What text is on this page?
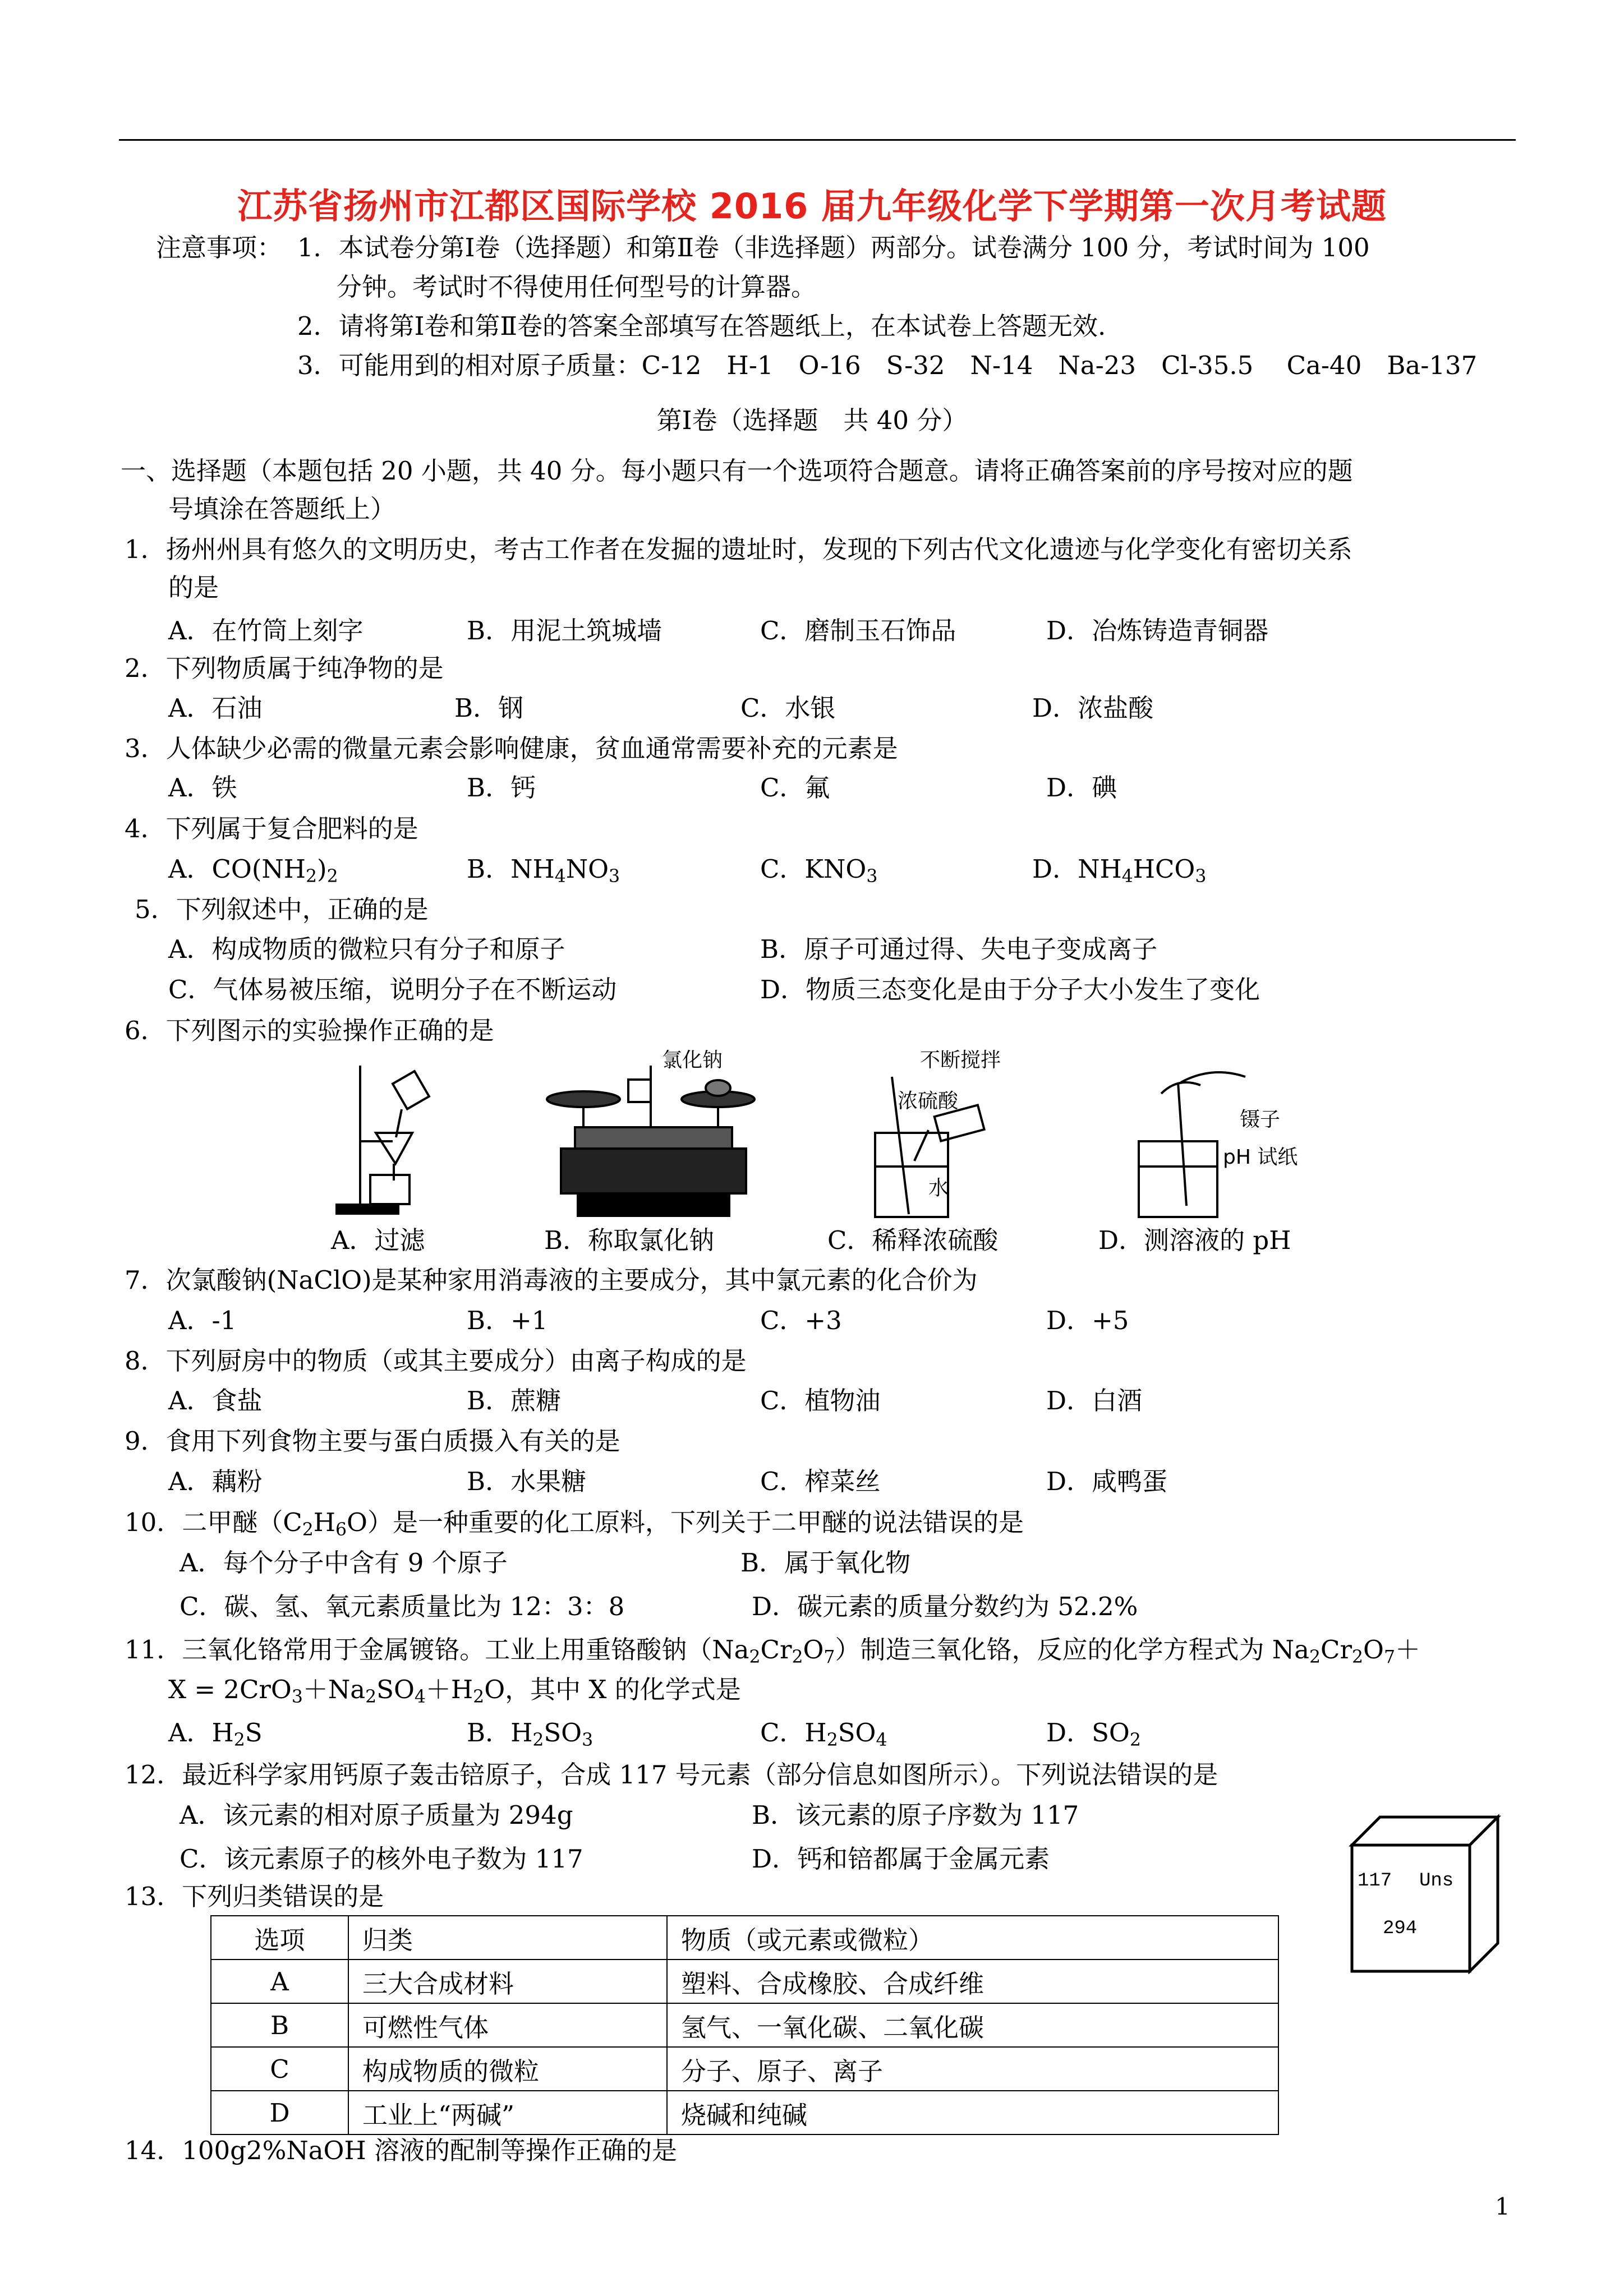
江苏省扬州市江都区国际学校 2016 届九年级化学下学期第一次月考试题
注意事项： 1．本试卷分第Ⅰ卷（选择题）和第Ⅱ卷（非选择题）两部分。试卷满分 100 分，考试时间为 100
分钟。考试时不得使用任何型号的计算器。
2．请将第Ⅰ卷和第Ⅱ卷的答案全部填写在答题纸上，在本试卷上答题无效.
3．可能用到的相对原子质量：C-12　H-1　O-16　S-32　N-14　Na-23　Cl-35.5　 Ca-40　Ba-137
第Ⅰ卷（选择题　共 40 分）
一、选择题（本题包括 20 小题，共 40 分。每小题只有一个选项符合题意。请将正确答案前的序号按对应的题
号填涂在答题纸上）
1．扬州州具有悠久的文明历史，考古工作者在发掘的遗址时，发现的下列古代文化遗迹与化学变化有密切关系
的是
A．在竹筒上刻字	B．用泥土筑城墙	C．磨制玉石饰品	D．冶炼铸造青铜器
2．下列物质属于纯净物的是
A．石油	B．钢	C．水银	D．浓盐酸
3．人体缺少必需的微量元素会影响健康，贫血通常需要补充的元素是
A．铁	B．钙	C．氟	D．碘
4．下列属于复合肥料的是
A．$CO(NH_2)_2$	B．$NH_4NO_3$	C．$KNO_3$	D．$NH_4HCO_3$
5．下列叙述中，正确的是
A．构成物质的微粒只有分子和原子	B．原子可通过得、失电子变成离子
C．气体易被压缩，说明分子在不断运动	D．物质三态变化是由于分子大小发生了变化
6．下列图示的实验操作正确的是
氯化钠	不断搅拌
浓硫酸
水
镊子
pH 试纸
A．过滤	B．称取氯化钠	C．稀释浓硫酸	D．测溶液的 pH
7．次氯酸钠(NaClO)是某种家用消毒液的主要成分，其中氯元素的化合价为
A．-1	B．+1	C．+3	D．+5
8．下列厨房中的物质（或其主要成分）由离子构成的是
A．食盐	B．蔗糖	C．植物油	D．白酒
9．食用下列食物主要与蛋白质摄入有关的是
A．藕粉	B．水果糖	C．榨菜丝	D．咸鸭蛋
10．二甲醚$(C_2H_6O)$是一种重要的化工原料，下列关于二甲醚的说法错误的是
A．每个分子中含有 9 个原子	B．属于氧化物
C．碳、氢、氧元素质量比为 12：3：8	D．碳元素的质量分数约为 52.2%
11．三氧化铬常用于金属镀铬。工业上用重铬酸钠$(Na_2Cr_2O_7)$制造三氧化铬，反应的化学方程式为 $Na_2Cr_2O_7+$
$X = 2CrO_3+Na_2SO_4+H_2O$，其中 X 的化学式是
A．$H_2S$	B．$H_2SO_3$	C．$H_2SO_4$	D．$SO_2$
12．最近科学家用钙原子轰击锫原子，合成 117 号元素（部分信息如图所示）。下列说法错误的是
A．该元素的相对原子质量为 294g	B．该元素的原子序数为 117
C．该元素原子的核外电子数为 117	D．钙和锫都属于金属元素
117 Uns
294
13．下列归类错误的是
选项	归类	物质（或元素或微粒）
A	三大合成材料	塑料、合成橡胶、合成纤维
B	可燃性气体	氢气、一氧化碳、二氧化碳
C	构成物质的微粒	分子、原子、离子
D	工业上“两碱”	烧碱和纯碱
14．100g2%NaOH 溶液的配制等操作正确的是
1
